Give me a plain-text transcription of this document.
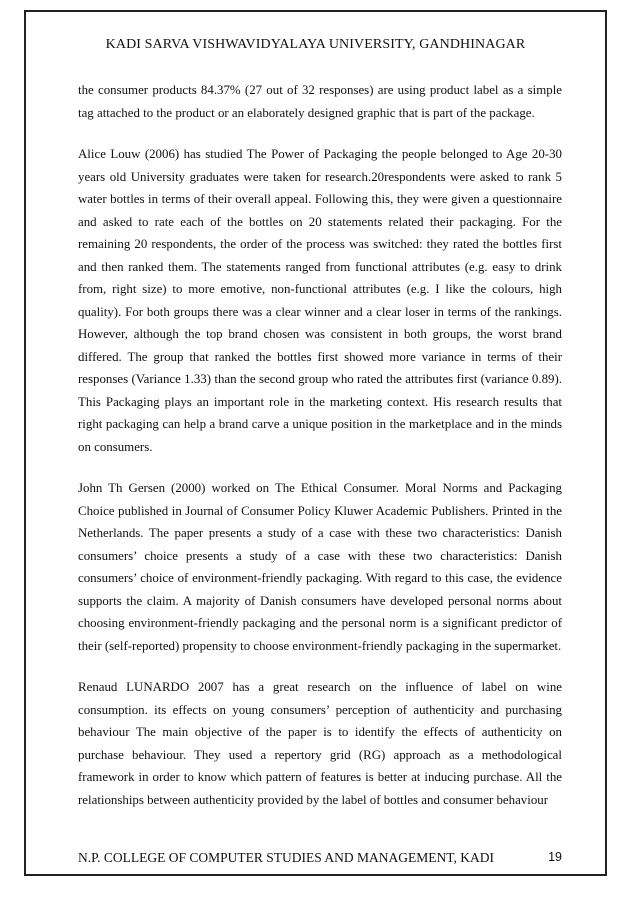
KADI SARVA VISHWAVIDYALAYA UNIVERSITY, GANDHINAGAR

the consumer products 84.37% (27 out of 32 responses) are using product label as a simple tag attached to the product or an elaborately designed graphic that is part of the package.

Alice Louw (2006) has studied The Power of Packaging the people belonged to Age 20-30 years old University graduates were taken for research.20respondents were asked to rank 5 water bottles in terms of their overall appeal. Following this, they were given a questionnaire and asked to rate each of the bottles on 20 statements related their packaging. For the remaining 20 respondents, the order of the process was switched: they rated the bottles first and then ranked them. The statements ranged from functional attributes (e.g. easy to drink from, right size) to more emotive, non-functional attributes (e.g. I like the colours, high quality). For both groups there was a clear winner and a clear loser in terms of the rankings. However, although the top brand chosen was consistent in both groups, the worst brand differed. The group that ranked the bottles first showed more variance in terms of their responses (Variance 1.33) than the second group who rated the attributes first (variance 0.89). This Packaging plays an important role in the marketing context. His research results that right packaging can help a brand carve a unique position in the marketplace and in the minds on consumers.

John Th Gersen (2000) worked on The Ethical Consumer. Moral Norms and Packaging Choice published in Journal of Consumer Policy Kluwer Academic Publishers. Printed in the Netherlands. The paper presents a study of a case with these two characteristics: Danish consumers’ choice presents a study of a case with these two characteristics: Danish consumers’ choice of environment-friendly packaging. With regard to this case, the evidence supports the claim. A majority of Danish consumers have developed personal norms about choosing environment-friendly packaging and the personal norm is a significant predictor of their (self-reported) propensity to choose environment-friendly packaging in the supermarket.

Renaud LUNARDO 2007 has a great research on the influence of label on wine consumption. its effects on young consumers’ perception of authenticity and purchasing behaviour The main objective of the paper is to identify the effects of authenticity on purchase behaviour. They used a repertory grid (RG) approach as a methodological framework in order to know which pattern of features is better at inducing purchase. All the relationships between authenticity provided by the label of bottles and consumer behaviour

N.P. COLLEGE OF COMPUTER STUDIES AND MANAGEMENT, KADI	19
